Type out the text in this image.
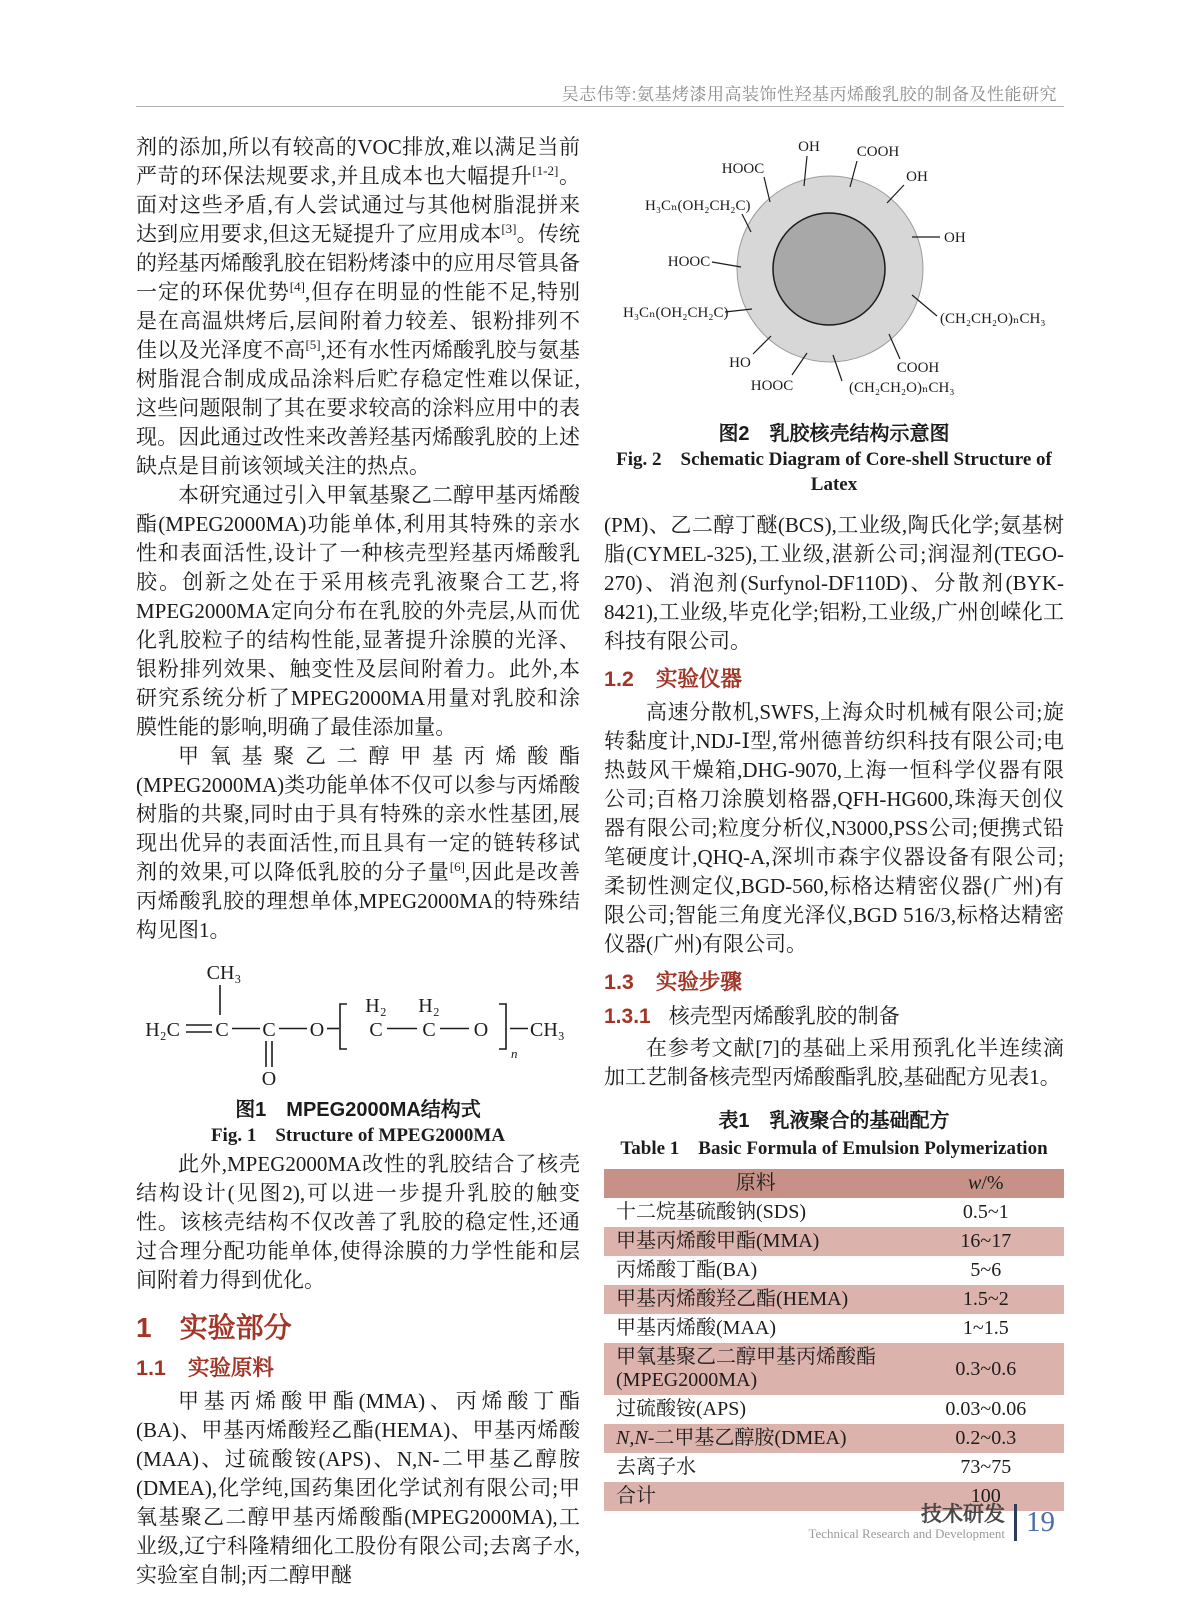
吴志伟等:氨基烤漆用高装饰性羟基丙烯酸乳胶的制备及性能研究

剂的添加,所以有较高的VOC排放,难以满足当前严苛的环保法规要求,并且成本也大幅提升[1-2]。面对这些矛盾,有人尝试通过与其他树脂混拼来达到应用要求,但这无疑提升了应用成本[3]。传统的羟基丙烯酸乳胶在铝粉烤漆中的应用尽管具备一定的环保优势[4],但存在明显的性能不足,特别是在高温烘烤后,层间附着力较差、银粉排列不佳以及光泽度不高[5],还有水性丙烯酸乳胶与氨基树脂混合制成成品涂料后贮存稳定性难以保证,这些问题限制了其在要求较高的涂料应用中的表现。因此通过改性来改善羟基丙烯酸乳胶的上述缺点是目前该领域关注的热点。

本研究通过引入甲氧基聚乙二醇甲基丙烯酸酯(MPEG2000MA)功能单体,利用其特殊的亲水性和表面活性,设计了一种核壳型羟基丙烯酸乳胶。创新之处在于采用核壳乳液聚合工艺,将MPEG2000MA定向分布在乳胶的外壳层,从而优化乳胶粒子的结构性能,显著提升涂膜的光泽、银粉排列效果、触变性及层间附着力。此外,本研究系统分析了MPEG2000MA用量对乳胶和涂膜性能的影响,明确了最佳添加量。

甲氧基聚乙二醇甲基丙烯酸酯(MPEG2000MA)类功能单体不仅可以参与丙烯酸树脂的共聚,同时由于具有特殊的亲水性基团,展现出优异的表面活性,而且具有一定的链转移试剂的效果,可以降低乳胶的分子量[6],因此是改善丙烯酸乳胶的理想单体,MPEG2000MA的特殊结构见图1。

CH₃
H₂C C C
O
O
H₂
C
H₂
C O
n
CH₃
图1　MPEG2000MA结构式
Fig. 1　Structure of MPEG2000MA

此外,MPEG2000MA改性的乳胶结合了核壳结构设计(见图2),可以进一步提升乳胶的触变性。该核壳结构不仅改善了乳胶的稳定性,还通过合理分配功能单体,使得涂膜的力学性能和层间附着力得到优化。

1 实验部分
1.1 实验原料

甲基丙烯酸甲酯(MMA)、丙烯酸丁酯(BA)、甲基丙烯酸羟乙酯(HEMA)、甲基丙烯酸(MAA)、过硫酸铵(APS)、N,N-二甲基乙醇胺(DMEA),化学纯,国药集团化学试剂有限公司;甲氧基聚乙二醇甲基丙烯酸酯(MPEG2000MA),工业级,辽宁科隆精细化工股份有限公司;去离子水,实验室自制;丙二醇甲醚

HOOC
OH COOH
OH
OH
(CH₂CH₂O)ₙCH₃
COOH
(CH₂CH₂O)ₙCH₃
HOOC
HO
H₃Cₙ(OH₂CH₂C)
HOOC
H₃Cₙ(OH₂CH₂C)
图2　乳胶核壳结构示意图
Fig. 2　Schematic Diagram of Core-shell Structure of
Latex

(PM)、乙二醇丁醚(BCS),工业级,陶氏化学;氨基树脂(CYMEL-325),工业级,湛新公司;润湿剂(TEGO-270)、消泡剂(Surfynol-DF110D)、分散剂(BYK-8421),工业级,毕克化学;铝粉,工业级,广州创嵘化工科技有限公司。

1.2 实验仪器

高速分散机,SWFS,上海众时机械有限公司;旋转黏度计,NDJ-Ⅰ型,常州德普纺织科技有限公司;电热鼓风干燥箱,DHG-9070,上海一恒科学仪器有限公司;百格刀涂膜划格器,QFH-HG600,珠海天创仪器有限公司;粒度分析仪,N3000,PSS公司;便携式铅笔硬度计,QHQ-A,深圳市森宇仪器设备有限公司;柔韧性测定仪,BGD-560,标格达精密仪器(广州)有限公司;智能三角度光泽仪,BGD 516/3,标格达精密仪器(广州)有限公司。

1.3 实验步骤
1.3.1 核壳型丙烯酸乳胶的制备

在参考文献[7]的基础上采用预乳化半连续滴加工艺制备核壳型丙烯酸酯乳胶,基础配方见表1。

表1　乳液聚合的基础配方
Table 1　Basic Formula of Emulsion Polymerization
原料	w/%
十二烷基硫酸钠(SDS)	0.5~1
甲基丙烯酸甲酯(MMA)	16~17
丙烯酸丁酯(BA)	5~6
甲基丙烯酸羟乙酯(HEMA)	1.5~2
甲基丙烯酸(MAA)	1~1.5
甲氧基聚乙二醇甲基丙烯酸酯(MPEG2000MA)	0.3~0.6
过硫酸铵(APS)	0.03~0.06
N,N-二甲基乙醇胺(DMEA)	0.2~0.3
去离子水	73~75
合计	100
技术研发
Technical Research and Development 19
